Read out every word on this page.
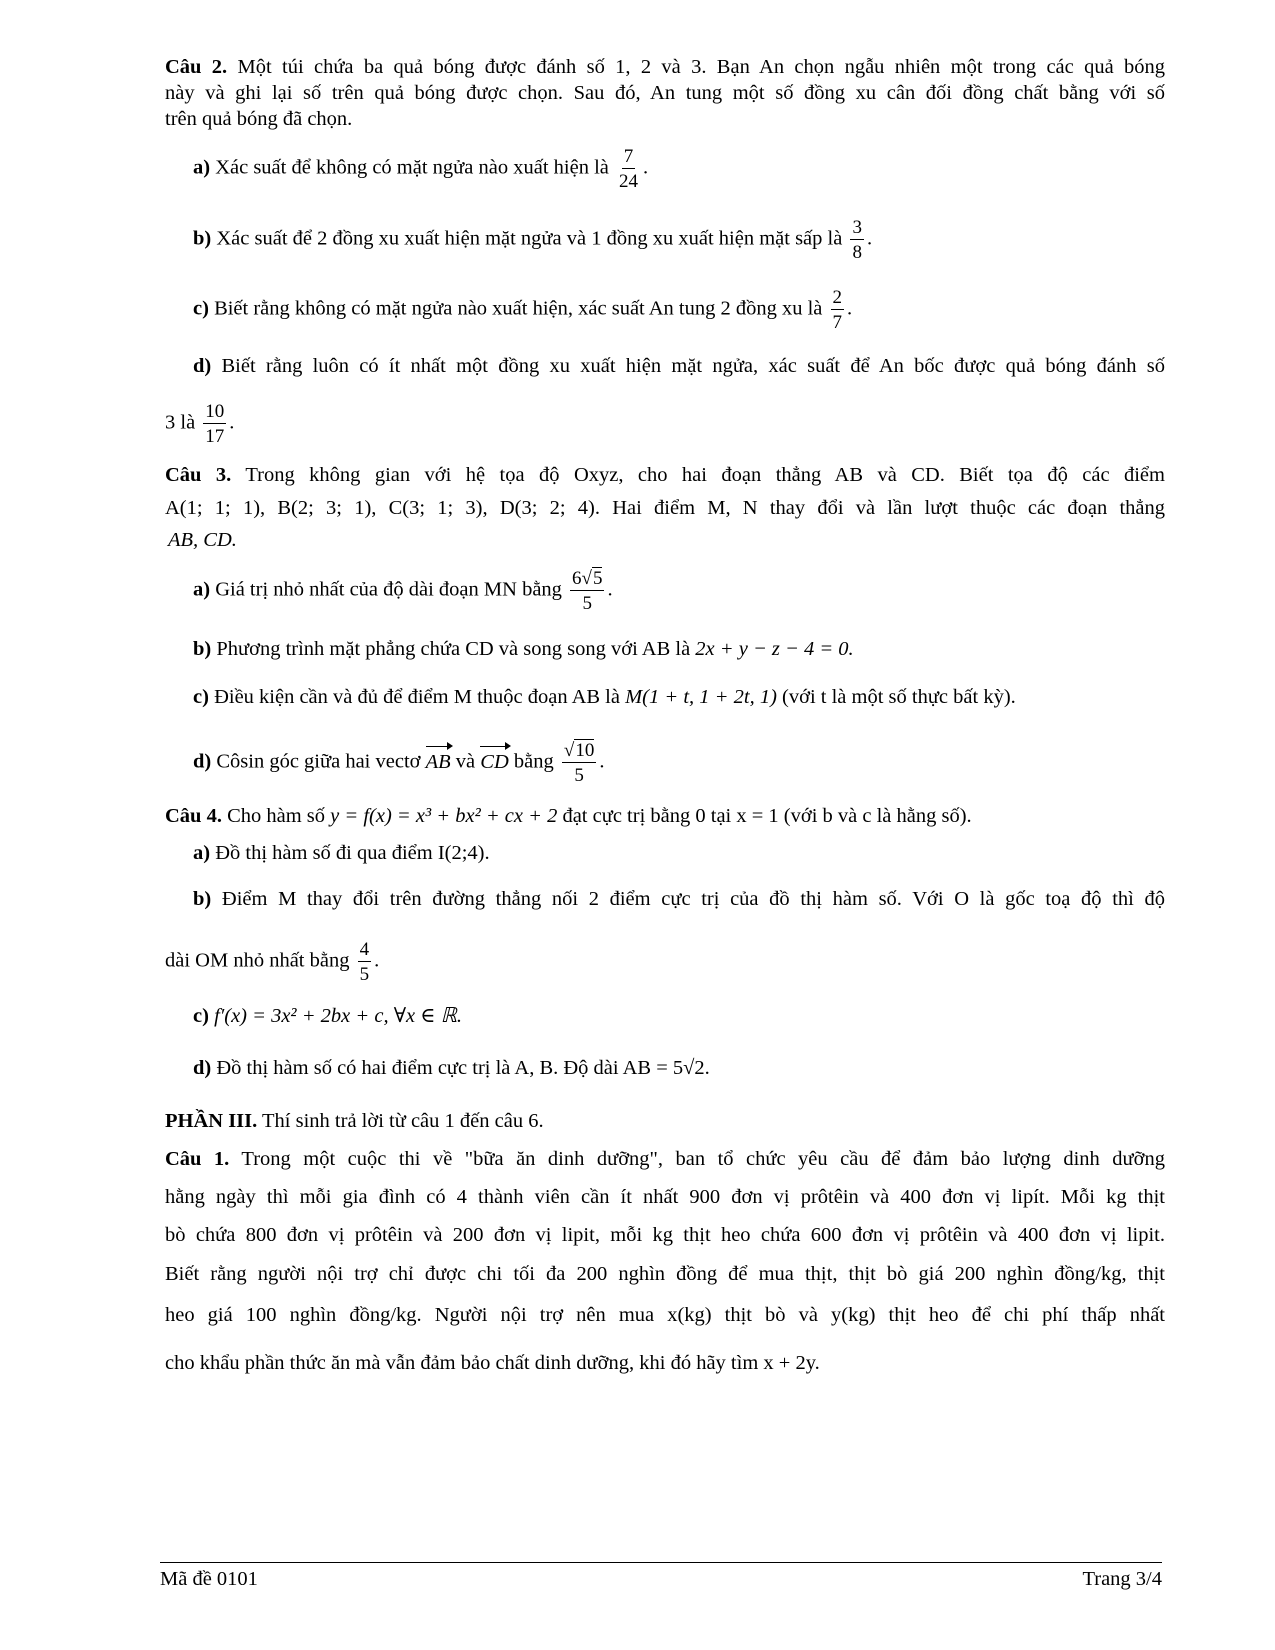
Câu 2. Một túi chứa ba quả bóng được đánh số 1, 2 và 3. Bạn An chọn ngẫu nhiên một trong các quả bóng
này và ghi lại số trên quả bóng được chọn. Sau đó, An tung một số đồng xu cân đối đồng chất bằng với số
trên quả bóng đã chọn.
a) Xác suất để không có mặt ngửa nào xuất hiện là $\frac{7}{24}$ .
b) Xác suất để 2 đồng xu xuất hiện mặt ngửa và 1 đồng xu xuất hiện mặt sấp là $\frac{3}{8}$ .
c) Biết rằng không có mặt ngửa nào xuất hiện, xác suất An tung 2 đồng xu là $\frac{2}{7}$ .
d) Biết rằng luôn có ít nhất một đồng xu xuất hiện mặt ngửa, xác suất để An bốc được quả bóng đánh số
3 là $\frac{10}{17}$ .
Câu 3. Trong không gian với hệ tọa độ Oxyz, cho hai đoạn thẳng AB và CD. Biết tọa độ các điểm
A(1; 1; 1), B(2; 3; 1), C(3; 1; 3), D(3; 2; 4). Hai điểm M, N thay đổi và lần lượt thuộc các đoạn thẳng
AB, CD.
a) Giá trị nhỏ nhất của độ dài đoạn MN bằng $\frac{6√5}{5}$ .
b) Phương trình mặt phẳng chứa CD và song song với AB là 2x + y − z − 4 = 0.
c) Điều kiện cần và đủ để điểm M thuộc đoạn AB là M(1 + t, 1 + 2t, 1) (với t là một số thực bất kỳ).
d) Côsin góc giữa hai vectơ AB và CD bằng $\frac{√10}{5}$ .
Câu 4. Cho hàm số y = f(x) = x³ + bx² + cx + 2 đạt cực trị bằng 0 tại x = 1 (với b và c là hằng số).
a) Đồ thị hàm số đi qua điểm I(2;4).
b) Điểm M thay đổi trên đường thẳng nối 2 điểm cực trị của đồ thị hàm số. Với O là gốc toạ độ thì độ
dài OM nhỏ nhất bằng $\frac{4}{5}$ .
c) f′(x) = 3x² + 2bx + c, ∀x ∈ ℝ.
d) Đồ thị hàm số có hai điểm cực trị là A, B. Độ dài AB = 5√2.
PHẦN III. Thí sinh trả lời từ câu 1 đến câu 6.
Câu 1. Trong một cuộc thi về "bữa ăn dinh dưỡng", ban tổ chức yêu cầu để đảm bảo lượng dinh dưỡng
hằng ngày thì mỗi gia đình có 4 thành viên cần ít nhất 900 đơn vị prôtêin và 400 đơn vị lipít. Mỗi kg thịt
bò chứa 800 đơn vị prôtêin và 200 đơn vị lipit, mỗi kg thịt heo chứa 600 đơn vị prôtêin và 400 đơn vị lipit.
Biết rằng người nội trợ chỉ được chi tối đa 200 nghìn đồng để mua thịt, thịt bò giá 200 nghìn đồng/kg, thịt
heo giá 100 nghìn đồng/kg. Người nội trợ nên mua x(kg) thịt bò và y(kg) thịt heo để chi phí thấp nhất
cho khẩu phần thức ăn mà vẫn đảm bảo chất dinh dưỡng, khi đó hãy tìm x + 2y.
Mã đề 0101	Trang 3/4
